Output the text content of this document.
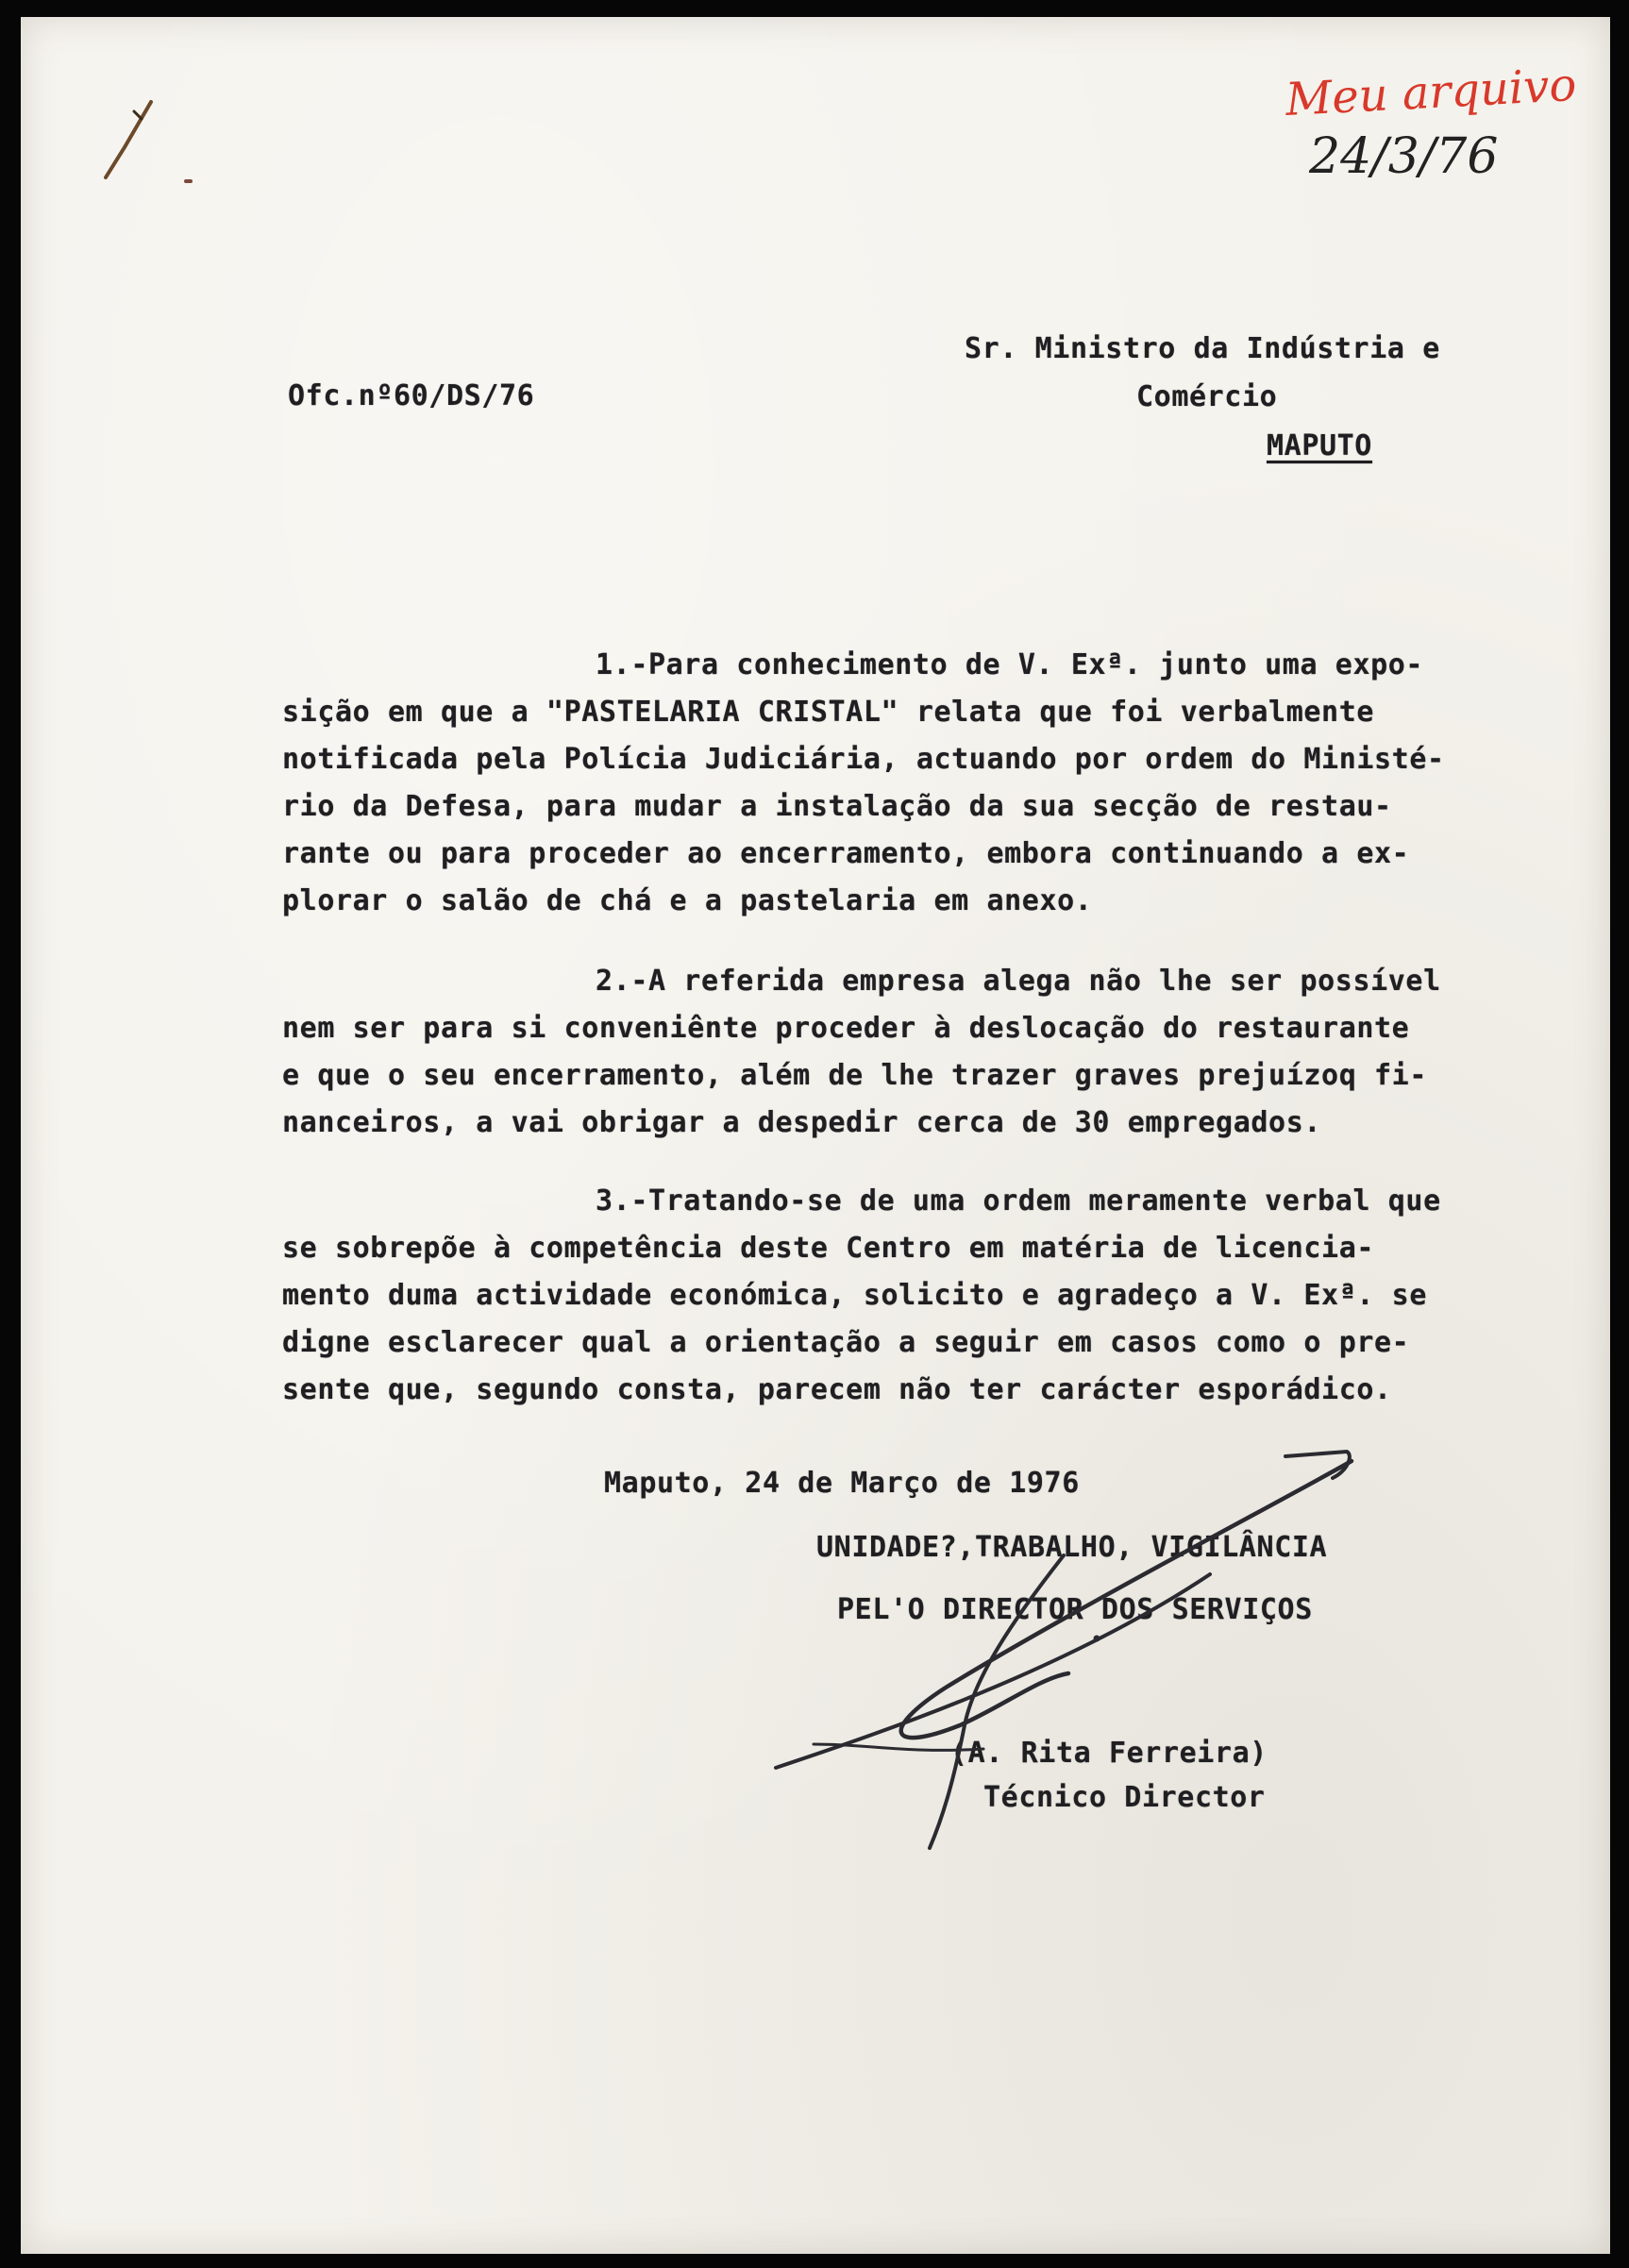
Meu arquivo
24/3/76
Ofc.nº60/DS/76
Sr. Ministro da Indústria e
Comércio
MAPUTO
1.-Para conhecimento de V. Exª. junto uma expo-
sição em que a "PASTELARIA CRISTAL" relata que foi verbalmente
notificada pela Polícia Judiciária, actuando por ordem do Ministé-
rio da Defesa, para mudar a instalação da sua secção de restau-
rante ou para proceder ao encerramento, embora continuando a ex-
plorar o salão de chá e a pastelaria em anexo.
2.-A referida empresa alega não lhe ser possível
nem ser para si conveniênte proceder à deslocação do restaurante
e que o seu encerramento, além de lhe trazer graves prejuízoq fi-
nanceiros, a vai obrigar a despedir cerca de 30 empregados.
3.-Tratando-se de uma ordem meramente verbal que
se sobrepõe à competência deste Centro em matéria de licencia-
mento duma actividade económica, solicito e agradeço a V. Exª. se
digne esclarecer qual a orientação a seguir em casos como o pre-
sente que, segundo consta, parecem não ter carácter esporádico.
Maputo, 24 de Março de 1976
UNIDADE?,TRABALHO, VIGILÂNCIA
PEL'O DIRECTOR DOS SERVIÇOS
(A. Rita Ferreira)
Técnico Director
